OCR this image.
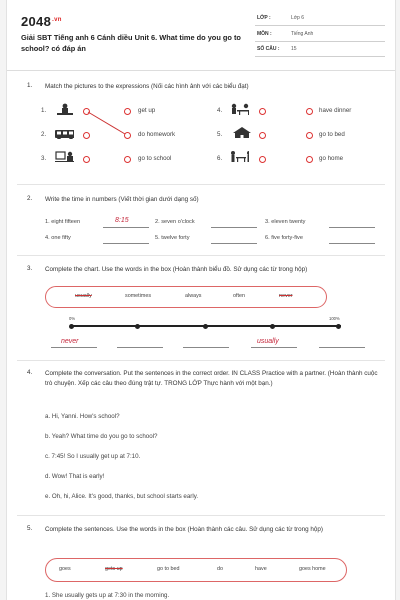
$2048^{.vn}$
Giải SBT Tiếng anh 6 Cánh diều Unit 6. What time do you go to school? có đáp án
LỚP :	Lớp 6
MÔN :	Tiếng Anh
SỐ CÂU : 15
1. Match the pictures to the expressions (Nối các hình ảnh với các biểu đạt)
1.
2.
3.
get up
do homework
go to school
4.
5.
6.
have dinner
go to bed
go home
2. Write the time in numbers (Viết thời gian dưới dạng số)
1. eight fifteen	8:15	2. seven o'clock	3. eleven twenty
4. one fifty	5. twelve forty	6. five forty-five
3. Complete the chart. Use the words in the box (Hoàn thành biểu đồ. Sử dụng các từ trong hộp)
usually	sometimes	always	often	never
0%	100%
never	usually
4. Complete the conversation. Put the sentences in the correct order. IN CLASS Practice with a partner. (Hoàn thành cuộc trò chuyện. Xếp các câu theo đúng trật tự. TRONG LỚP Thực hành với một bạn.)
a. Hi, Yanni. How's school?
b. Yeah? What time do you go to school?
c. 7:45! So I usually get up at 7:10.
d. Wow! That is early!
e. Oh, hi, Alice. It's good, thanks, but school starts early.
5. Complete the sentences. Use the words in the box (Hoàn thành các câu. Sử dụng các từ trong hộp)
goes	gets up	go to bed	do	have	goes home
1. She usually gets up at 7:30 in the morning.
